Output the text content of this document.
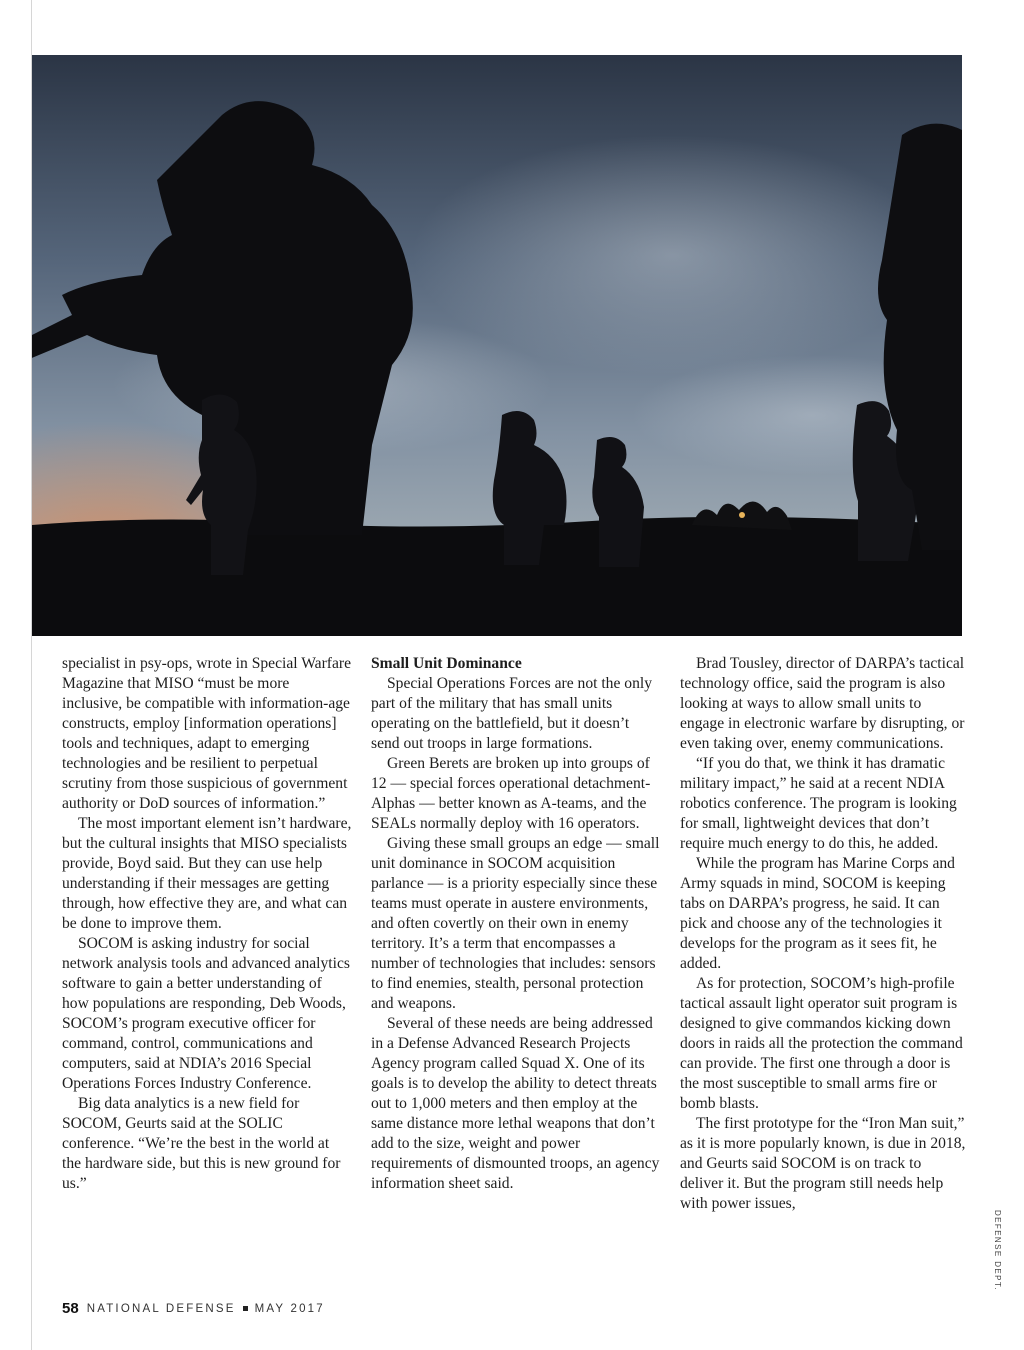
specialist in psy-ops, wrote in Special Warfare Magazine that MISO “must be more inclusive, be compatible with information-age constructs, employ [information operations] tools and techniques, adapt to emerging technologies and be resilient to perpetual scrutiny from those suspicious of government authority or DoD sources of information.”

The most important element isn’t hardware, but the cultural insights that MISO specialists provide, Boyd said. But they can use help understanding if their messages are getting through, how effective they are, and what can be done to improve them.

SOCOM is asking industry for social network analysis tools and advanced analytics software to gain a better understanding of how populations are responding, Deb Woods, SOCOM’s program executive officer for command, control, communications and computers, said at NDIA’s 2016 Special Operations Forces Industry Conference.

Big data analytics is a new field for SOCOM, Geurts said at the SOLIC conference. “We’re the best in the world at the hardware side, but this is new ground for us.”

Small Unit Dominance

Special Operations Forces are not the only part of the military that has small units operating on the battlefield, but it doesn’t send out troops in large formations.

Green Berets are broken up into groups of 12 — special forces operational detachment-Alphas — better known as A-teams, and the SEALs normally deploy with 16 operators.

Giving these small groups an edge — small unit dominance in SOCOM acquisition parlance — is a priority especially since these teams must operate in austere environments, and often covertly on their own in enemy territory. It’s a term that encompasses a number of technologies that includes: sensors to find enemies, stealth, personal protection and weapons.

Several of these needs are being addressed in a Defense Advanced Research Projects Agency program called Squad X. One of its goals is to develop the ability to detect threats out to 1,000 meters and then employ at the same distance more lethal weapons that don’t add to the size, weight and power requirements of dismounted troops, an agency information sheet said.

Brad Tousley, director of DARPA’s tactical technology office, said the program is also looking at ways to allow small units to engage in electronic warfare by disrupting, or even taking over, enemy communications.

“If you do that, we think it has dramatic military impact,” he said at a recent NDIA robotics conference. The program is looking for small, lightweight devices that don’t require much energy to do this, he added.

While the program has Marine Corps and Army squads in mind, SOCOM is keeping tabs on DARPA’s progress, he said. It can pick and choose any of the technologies it develops for the program as it sees fit, he added.

As for protection, SOCOM’s high-profile tactical assault light operator suit program is designed to give commandos kicking down doors in raids all the protection the command can provide. The first one through a door is the most susceptible to small arms fire or bomb blasts.

The first prototype for the “Iron Man suit,” as it is more popularly known, is due in 2018, and Geurts said SOCOM is on track to deliver it. But the program still needs help with power issues,

58 NATIONAL DEFENSE MAY 2017
DEFENSE DEPT.
